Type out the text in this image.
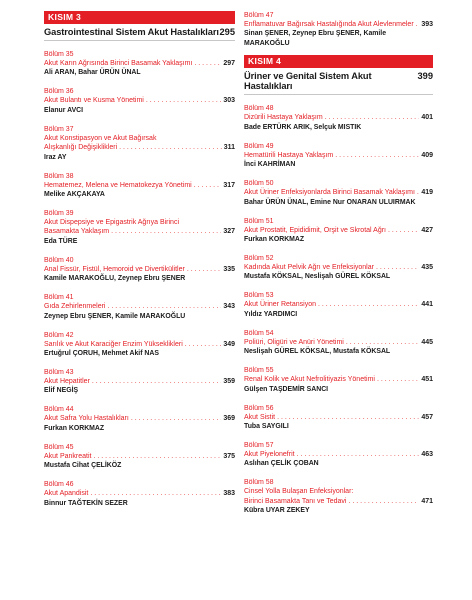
KISIM 3
Gastrointestinal Sistem Akut Hastalıkları 295
Bölüm 35
Akut Karın Ağrısında Birinci Basamak Yaklaşımı . . .	297
Ali ARAN, Bahar ÜRÜN ÜNAL
Bölüm 36
Akut Bulantı ve Kusma Yönetimi . . .	303
Elanur AVCI
Bölüm 37
Akut Konstipasyon ve Akut Bağırsak
Alışkanlığı Değişiklikleri . . .	311
Iraz AY
Bölüm 38
Hematemez, Melena ve Hematokezya Yönetimi . . .	317
Melike AKÇAKAYA
Bölüm 39
Akut Dispepsiye ve Epigastrik Ağrıya Birinci
Basamakta Yaklaşım . . .	327
Eda TÜRE
Bölüm 40
Anal Fissür, Fistül, Hemoroid ve Divertikülitler . . .	335
Kamile MARAKOĞLU, Zeynep Ebru ŞENER
Bölüm 41
Gıda Zehirlenmeleri . . .	343
Zeynep Ebru ŞENER, Kamile MARAKOĞLU
Bölüm 42
Sarılık ve Akut Karaciğer Enzim Yükseklikleri . . .	349
Ertuğrul ÇORUH, Mehmet Akif NAS
Bölüm 43
Akut Hepatitler . . .	359
Elif NEGİŞ
Bölüm 44
Akut Safra Yolu Hastalıkları . . .	369
Furkan KORKMAZ
Bölüm 45
Akut Pankreatit . . .	375
Mustafa Cihat ÇELİKÖZ
Bölüm 46
Akut Apandisit . . .	383
Binnur TAĞTEKİN SEZER
Bölüm 47
Enflamatuvar Bağırsak Hastalığında Akut Alevlenmeler . . . 393
Sinan ŞENER, Zeynep Ebru ŞENER, Kamile MARAKOĞLU
KISIM 4
Üriner ve Genital Sistem Akut Hastalıkları
399
Bölüm 48
Dizürili Hastaya Yaklaşım . . .	401
Bade ERTÜRK ARIK, Selçuk MISTIK
Bölüm 49
Hematürili Hastaya Yaklaşım . . .	409
İnci KAHRİMAN
Bölüm 50
Akut Üriner Enfeksiyonlarda Birinci Basamak Yaklaşımı . . . 419
Bahar ÜRÜN ÜNAL, Emine Nur ONARAN ULUIRMAK
Bölüm 51
Akut Prostatit, Epididimit, Orşit ve Skrotal Ağrı . . .	427
Furkan KORKMAZ
Bölüm 52
Kadında Akut Pelvik Ağrı ve Enfeksiyonlar . . .	435
Mustafa KÖKSAL, Neslişah GÜREL KÖKSAL
Bölüm 53
Akut Üriner Retansiyon . . .	441
Yıldız YARDIMCI
Bölüm 54
Poliüri, Oligüri ve Anüri Yönetimi . . .	445
Neslişah GÜREL KÖKSAL, Mustafa KÖKSAL
Bölüm 55
Renal Kolik ve Akut Nefrolitiyazis Yönetimi . . .	451
Gülşen TAŞDEMİR SANCI
Bölüm 56
Akut Sistit . . .	457
Tuba SAYGILI
Bölüm 57
Akut Piyelonefrit . . .	463
Aslıhan ÇELİK ÇOBAN
Bölüm 58
Cinsel Yolla Bulaşan Enfeksiyonlar:
Birinci Basamakta Tanı ve Tedavi . . .	471
Kübra UYAR ZEKEY
